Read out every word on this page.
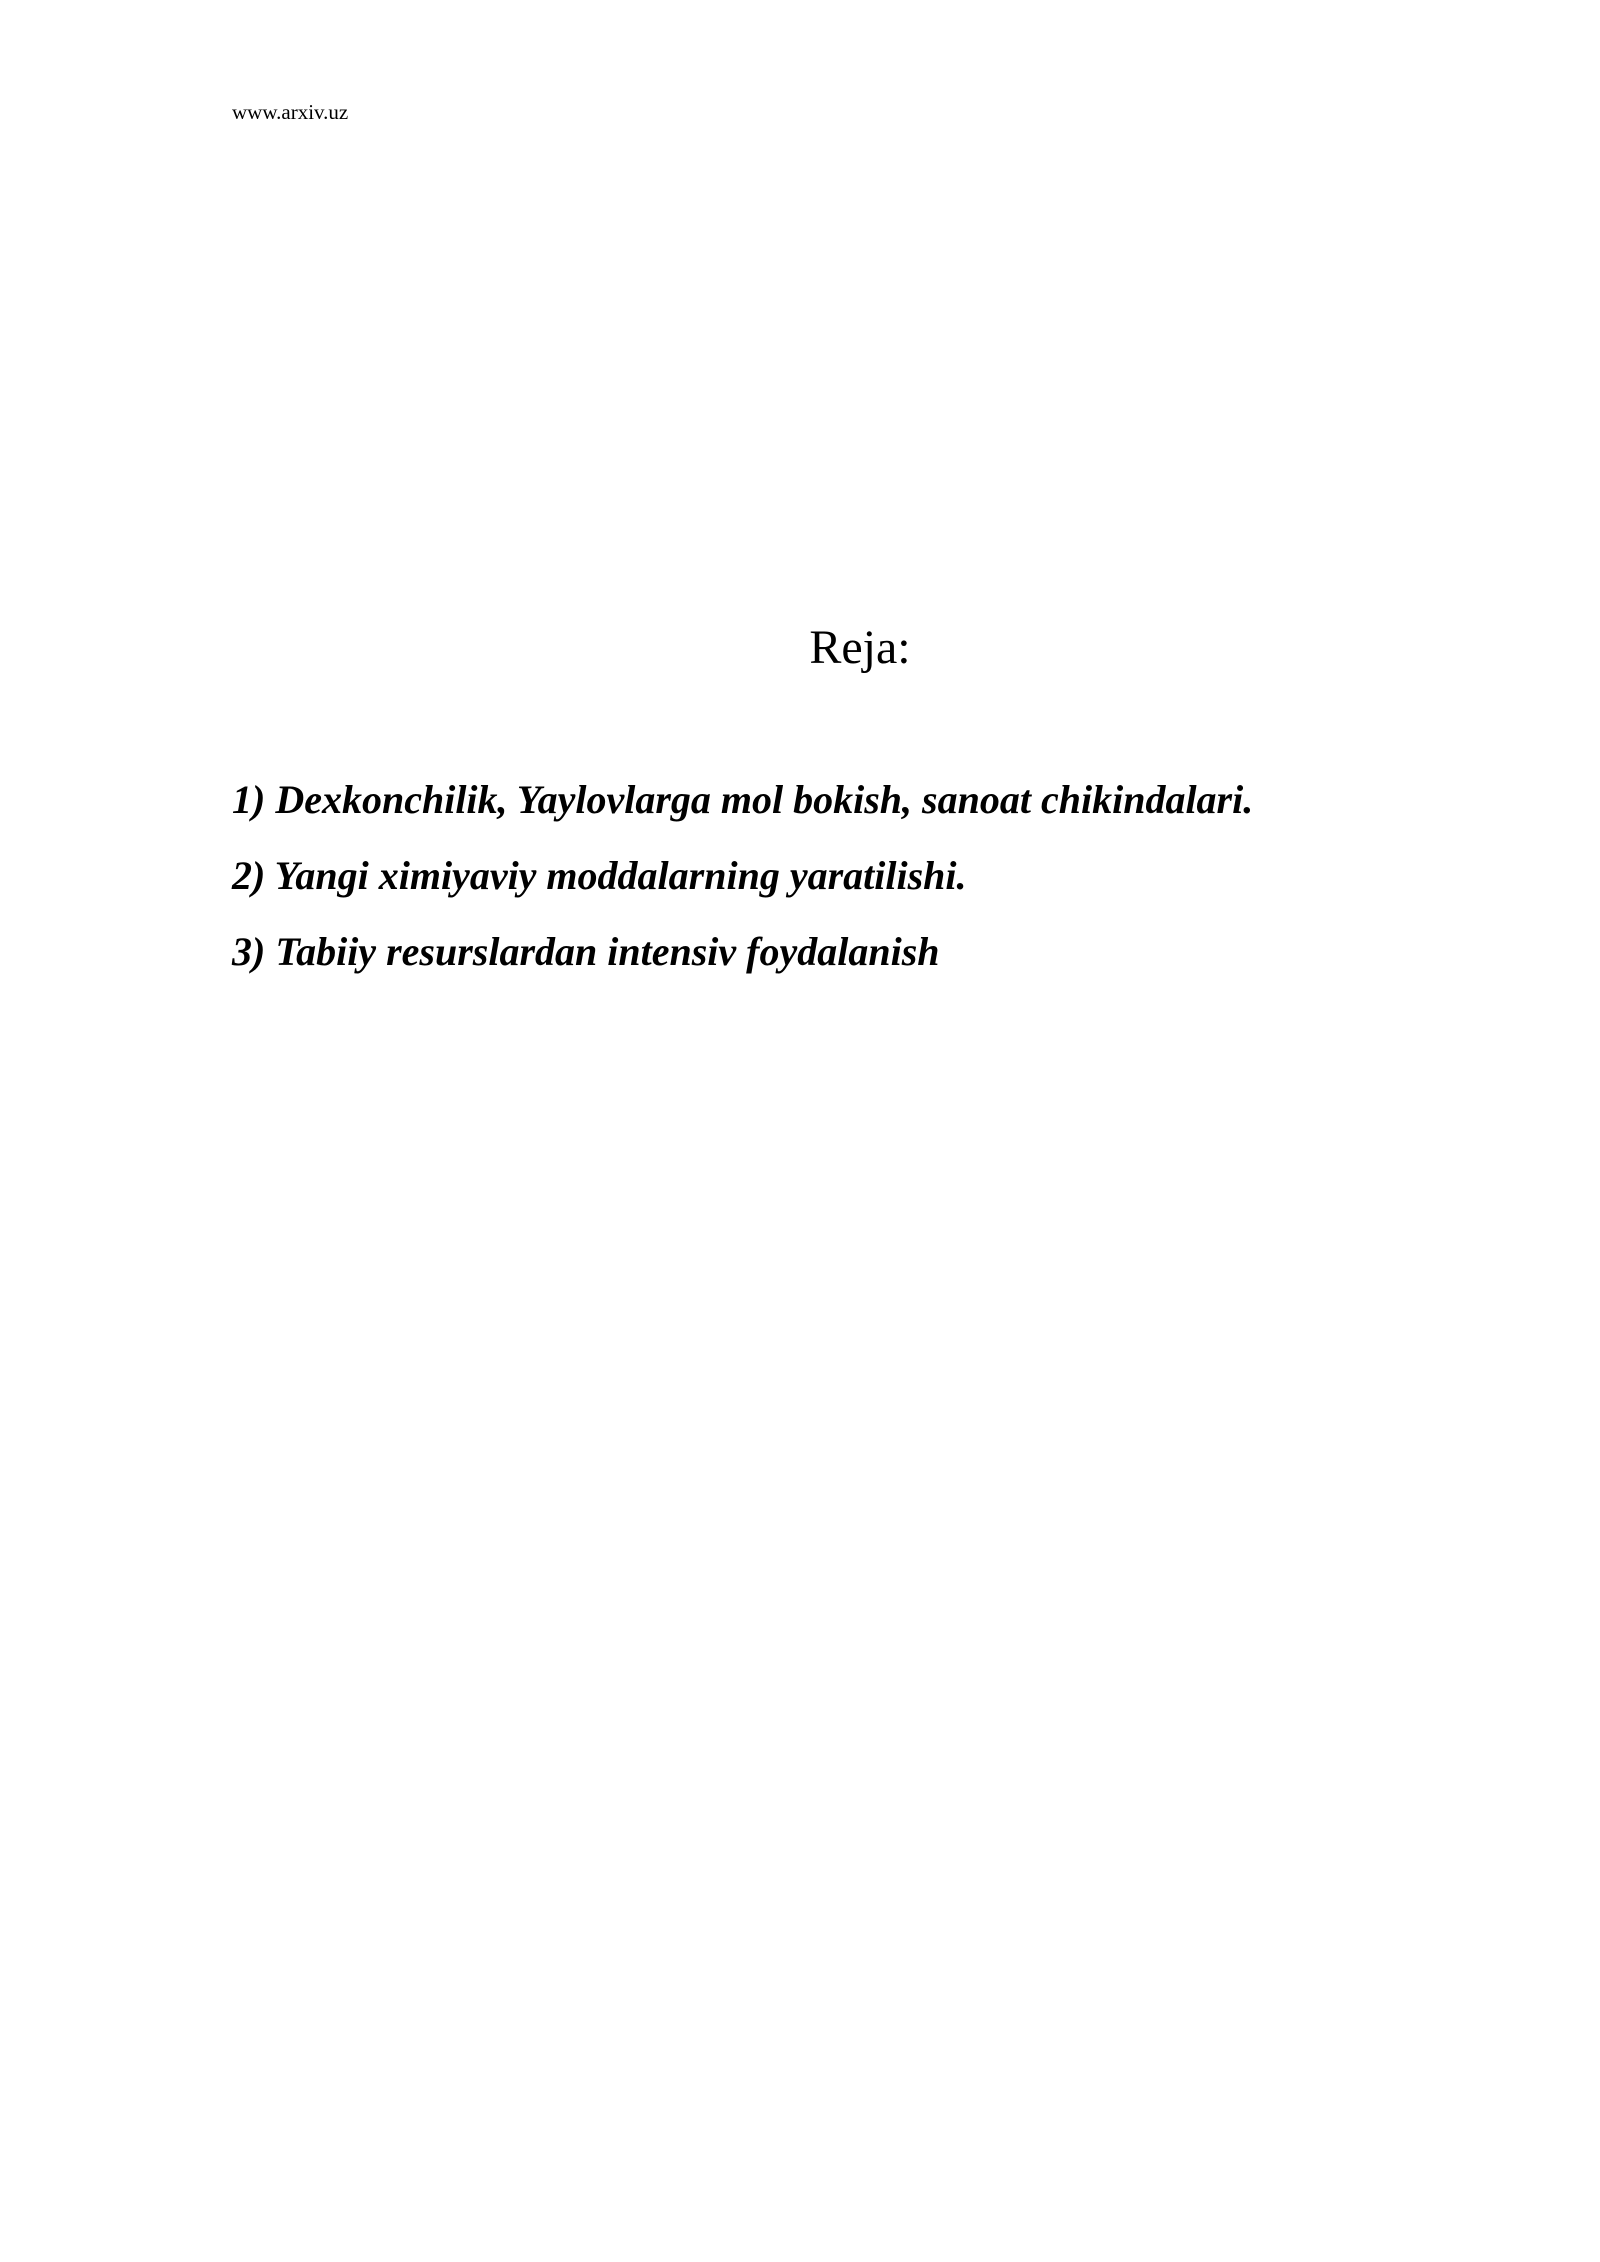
www.arxiv.uz
Reja:
1) Dexkonchilik, Yaylovlarga mol bokish, sanoat chikindalari.
2) Yangi ximiyaviy moddalarning yaratilishi.
3) Tabiiy resurslardan intensiv foydalanish
